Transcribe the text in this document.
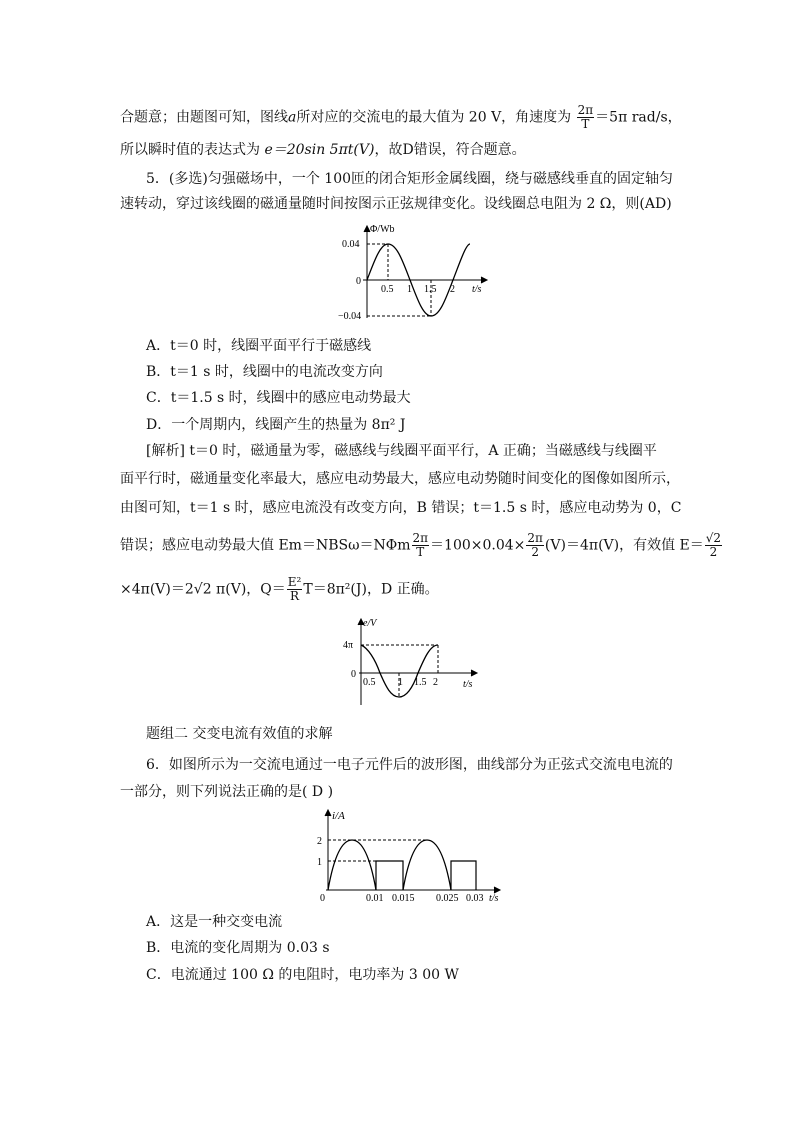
合题意；由题图可知，图线a所对应的交流电的最大值为 20 V，角速度为 $\frac{2\pi}{T} =5\pi$ rad/s，
所以瞬时值的表达式为 e＝20sin 5πt(V)，故D错误，符合题意。
5．(多选)匀强磁场中，一个 100匝的闭合矩形金属线圈，绕与磁感线垂直的固定轴匀
速转动，穿过该线圈的磁通量随时间按图示正弦规律变化。设线圈总电阻为 2 Ω，则(AD)
Φ/Wb
0.04
0
−0.04
0.5 1 1.5 2 t/s
A．t＝0 时，线圈平面平行于磁感线
B．t＝1 s 时，线圈中的电流改变方向
C．t＝1.5 s 时，线圈中的感应电动势最大
D．一个周期内，线圈产生的热量为 8π² J
[解析] t＝0 时，磁通量为零，磁感线与线圈平面平行，A 正确；当磁感线与线圈平
面平行时，磁通量变化率最大，感应电动势最大，感应电动势随时间变化的图像如图所示，
由图可知，t＝1 s 时，感应电流没有改变方向，B 错误；t＝1.5 s 时，感应电动势为 0，C
错误；感应电动势最大值 $Em=NBS\omega=N\Phi m \frac{2\pi}{T} =100\times 0.04\times \frac{2\pi}{2} (V)=4\pi(V)$，有效值 $E= \frac{√2}{2}$
×4π(V)＝2√2 π(V)，$Q= \frac{\text{E²}}{R} T=8\pi^2(J)$，D 正确。
e/V
4π
0
0.5 1 1.5 2	t/s
题组二 交变电流有效值的求解
6．如图所示为一交流电通过一电子元件后的波形图，曲线部分为正弦式交流电电流的
一部分，则下列说法正确的是( D )
i/A
2
1
0	0.01 0.015 0.025 0.03 t/s
A．这是一种交变电流
B．电流的变化周期为 0.03 s
C．电流通过 100 Ω 的电阻时，电功率为 3 00 W
